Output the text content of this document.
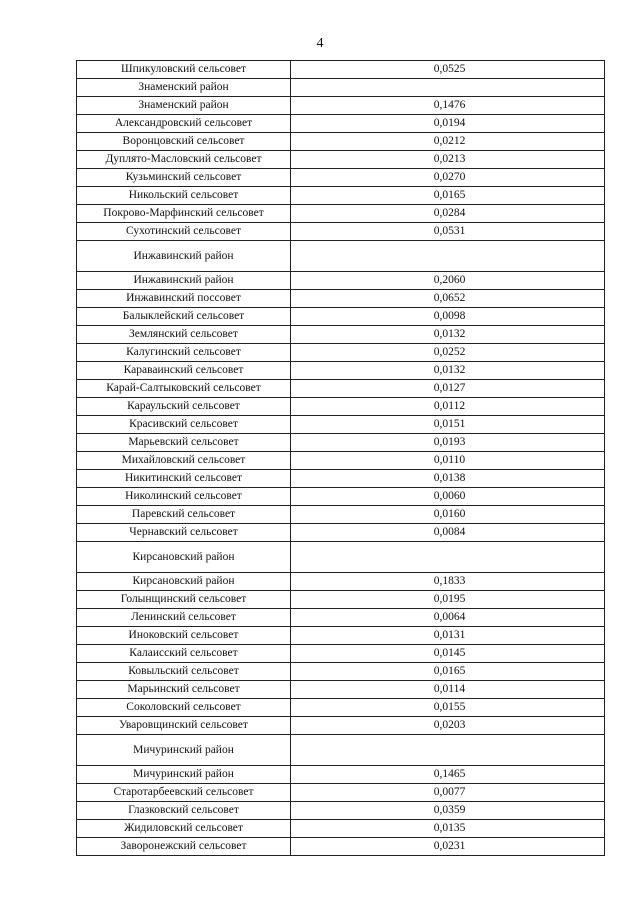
4
Шпикуловский сельсовет	0,0525
Знаменский район	
Знаменский район	0,1476
Александровский сельсовет	0,0194
Воронцовский сельсовет	0,0212
Дуплято-Масловский сельсовет	0,0213
Кузьминский сельсовет	0,0270
Никольский сельсовет	0,0165
Покрово-Марфинский сельсовет	0,0284
Сухотинский сельсовет	0,0531
Инжавинский район	
Инжавинский район	0,2060
Инжавинский поссовет	0,0652
Балыклейский сельсовет	0,0098
Землянский сельсовет	0,0132
Калугинский сельсовет	0,0252
Караваинский сельсовет	0,0132
Карай-Салтыковский сельсовет	0,0127
Караульский сельсовет	0,0112
Красивский сельсовет	0,0151
Марьевский сельсовет	0,0193
Михайловский сельсовет	0,0110
Никитинский сельсовет	0,0138
Николинский сельсовет	0,0060
Паревский сельсовет	0,0160
Чернавский сельсовет	0,0084
Кирсановский район	
Кирсановский район	0,1833
Голынщинский сельсовет	0,0195
Ленинский сельсовет	0,0064
Иноковский сельсовет	0,0131
Калаисский сельсовет	0,0145
Ковыльский сельсовет	0,0165
Марьинский сельсовет	0,0114
Соколовский сельсовет	0,0155
Уваровщинский сельсовет	0,0203
Мичуринский район	
Мичуринский район	0,1465
Старотарбеевский сельсовет	0,0077
Глазковский сельсовет	0,0359
Жидиловский сельсовет	0,0135
Заворонежский сельсовет	0,0231
